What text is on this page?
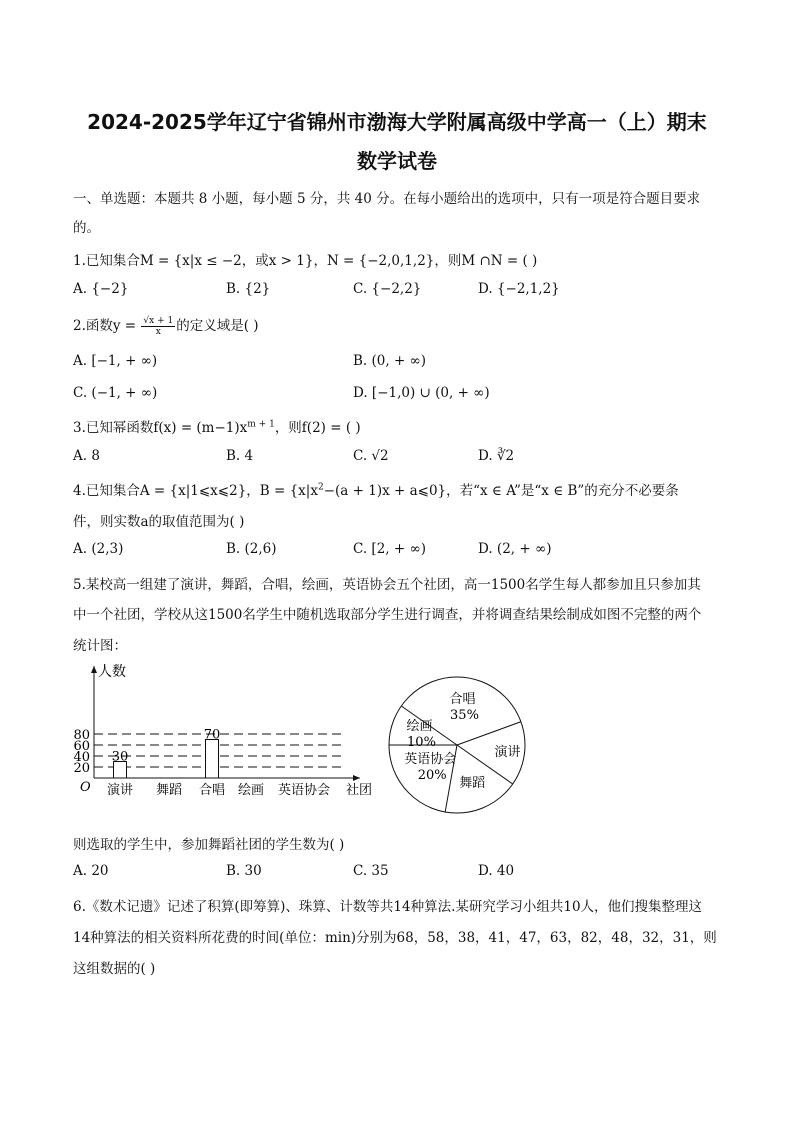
2024-2025学年辽宁省锦州市渤海大学附属高级中学高一（上）期末
数学试卷
一、单选题：本题共 8 小题，每小题 5 分，共 40 分。在每小题给出的选项中，只有一项是符合题目要求
的。
1.已知集合M = {x|x ≤ −2，或x > 1}，N = {−2,0,1,2}，则M ∩N = ( )
A. {−2}	B. {2}	C. {−2,2}	D. {−2,1,2}
2.函数$y = \frac{√x + 1}{x}$ 的定义域是( )
A. [−1, + ∞)	B. (0, + ∞)
C. (−1, + ∞)	D. [−1,0) ∪ (0, + ∞)
3.已知幂函数$f(x) = (m-1)x^{m + 1}$，则f(2) = ( )
A. 8	B. 4	C. √2	D. ∛2
4.已知集合A = {x|1⩽x⩽2}，$B = \{x|x^2-(a + 1)x$ + a⩽0}，若“x ∈ A”是“x ∈ B”的充分不必要条
件，则实数a的取值范围为( )
A. (2,3)	B. (2,6)	C. [2, + ∞)	D. (2, + ∞)
5.某校高一组建了演讲，舞蹈，合唱，绘画，英语协会五个社团，高一1500名学生每人都参加且只参加其
中一个社团，学校从这1500名学生中随机选取部分学生进行调查，并将调查结果绘制成如图不完整的两个
统计图：
20
40
60
80
人数
O	社团
演讲
30
舞蹈 合唱
70
绘画 英语协会
合唱
35%
演讲
舞蹈
英语协会
20%
绘画
10%
则选取的学生中，参加舞蹈社团的学生数为( )
A. 20	B. 30	C. 35	D. 40
6.《数术记遗》记述了积算(即筹算)、珠算、计数等共14种算法.某研究学习小组共10人，他们搜集整理这
14种算法的相关资料所花费的时间(单位：min)分别为68，58，38，41，47，63，82，48，32，31，则
这组数据的( )
